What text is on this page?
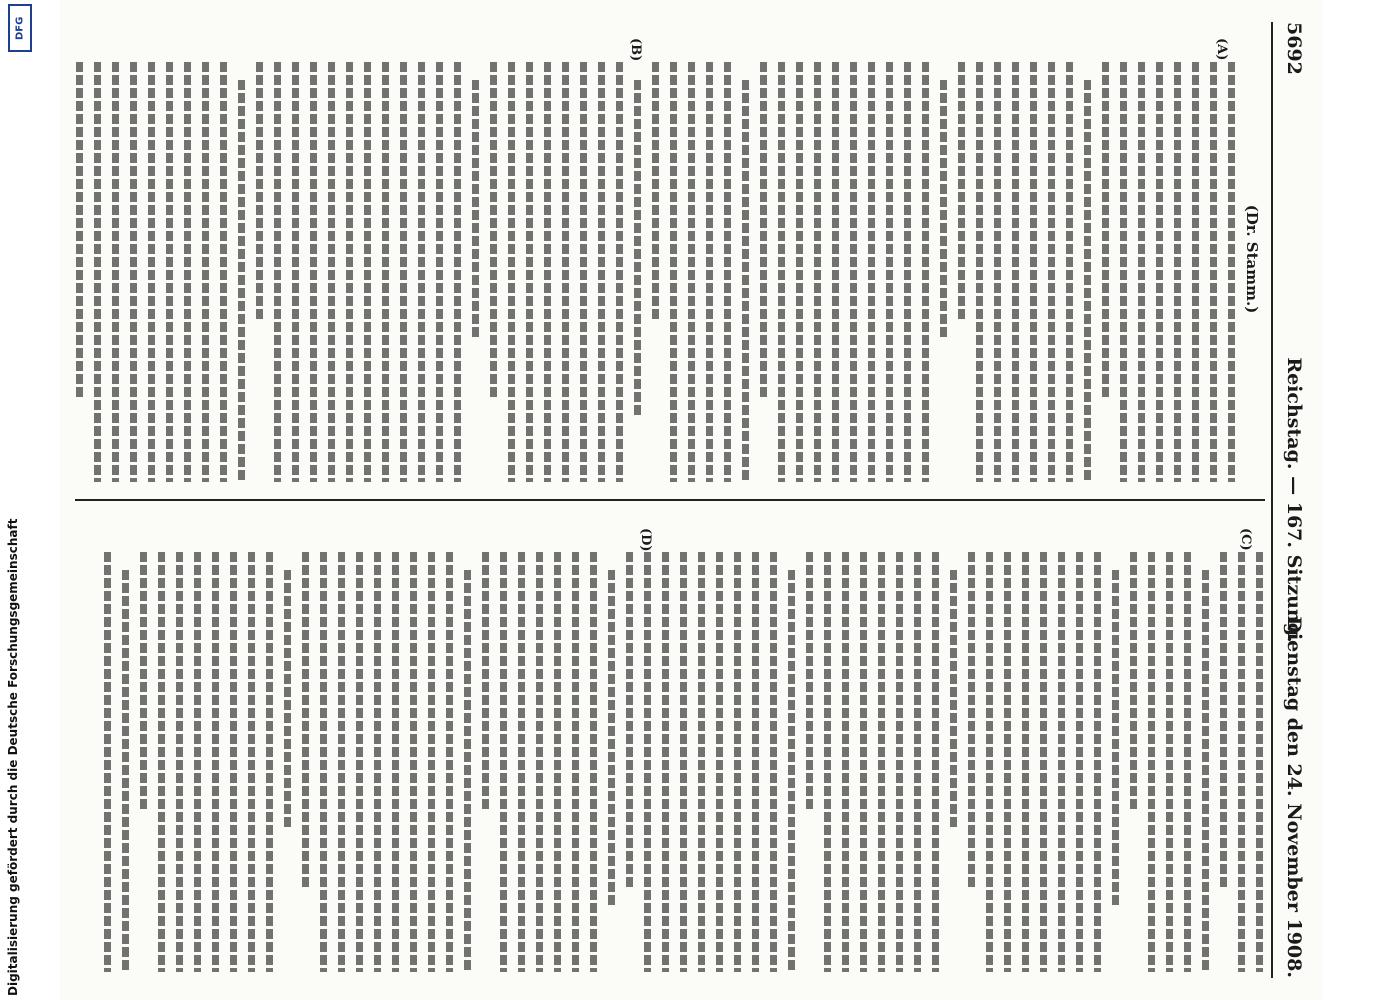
5692
Reichstag. — 167. Sitzung.
Dienstag den 24. November 1908.
(Dr. Stamm.)
(A)
(B)
(C)
(D)
DFG
Digitalisierung gefördert durch die Deutsche Forschungsgemeinschaft
